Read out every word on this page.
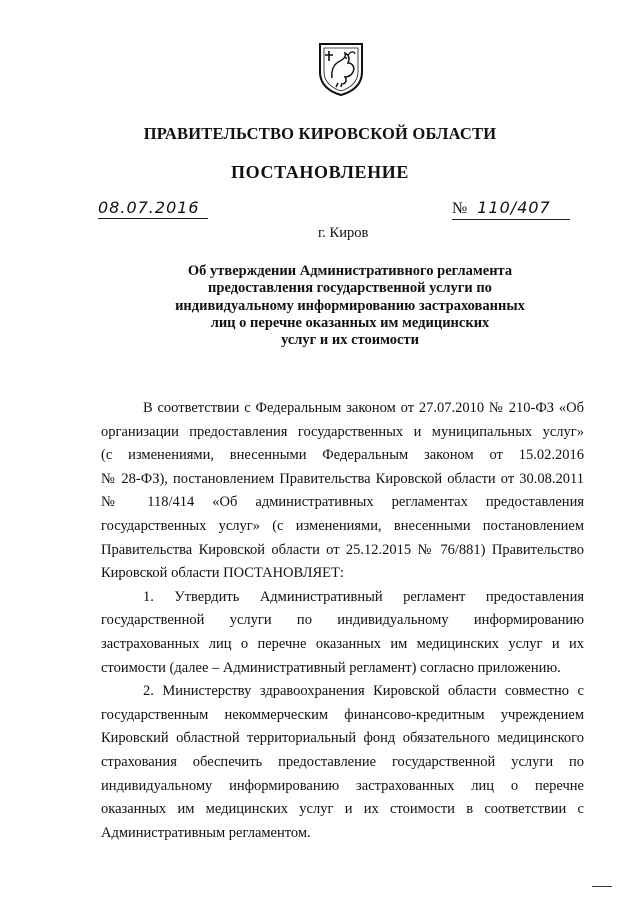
ПРАВИТЕЛЬСТВО КИРОВСКОЙ ОБЛАСТИ
ПОСТАНОВЛЕНИЕ
08.07.2016	№ 110/407
г. Киров
Об утверждении Административного регламента
предоставления государственной услуги по
индивидуальному информированию застрахованных
лиц о перечне оказанных им медицинских
услуг и их стоимости
В соответствии с Федеральным законом от 27.07.2010 № 210-ФЗ «Об
организации предоставления государственных и муниципальных услуг»
(с изменениями, внесенными Федеральным законом от 15.02.2016
№ 28-ФЗ), постановлением Правительства Кировской области от 30.08.2011
№ 118/414 «Об административных регламентах предоставления
государственных услуг» (с изменениями, внесенными постановлением
Правительства Кировской области от 25.12.2015 № 76/881) Правительство
Кировской области ПОСТАНОВЛЯЕТ:
1. Утвердить Административный регламент предоставления
государственной услуги по индивидуальному информированию
застрахованных лиц о перечне оказанных им медицинских услуг и их
стоимости (далее – Административный регламент) согласно приложению.
2. Министерству здравоохранения Кировской области совместно с
государственным некоммерческим финансово-кредитным учреждением
Кировский областной территориальный фонд обязательного медицинского
страхования обеспечить предоставление государственной услуги по
индивидуальному информированию застрахованных лиц о перечне
оказанных им медицинских услуг и их стоимости в соответствии с
Административным регламентом.
